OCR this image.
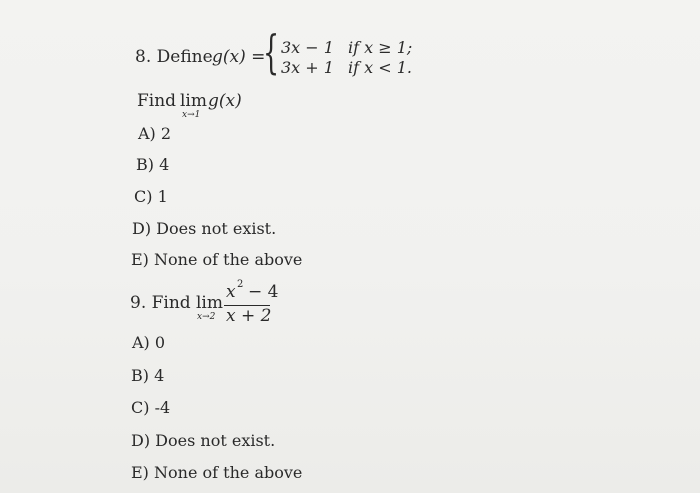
8. Define g(x) =
{ 3x − 1 if x ≥ 1;
3x + 1 if x < 1.
Find lim
x→1
g(x)
A) 2
B) 4
C) 1
D) Does not exist.
E) None of the above
9. Find lim
x→2
x 2 − 4
x + 2
A) 0
B) 4
C) -4
D) Does not exist.
E) None of the above
